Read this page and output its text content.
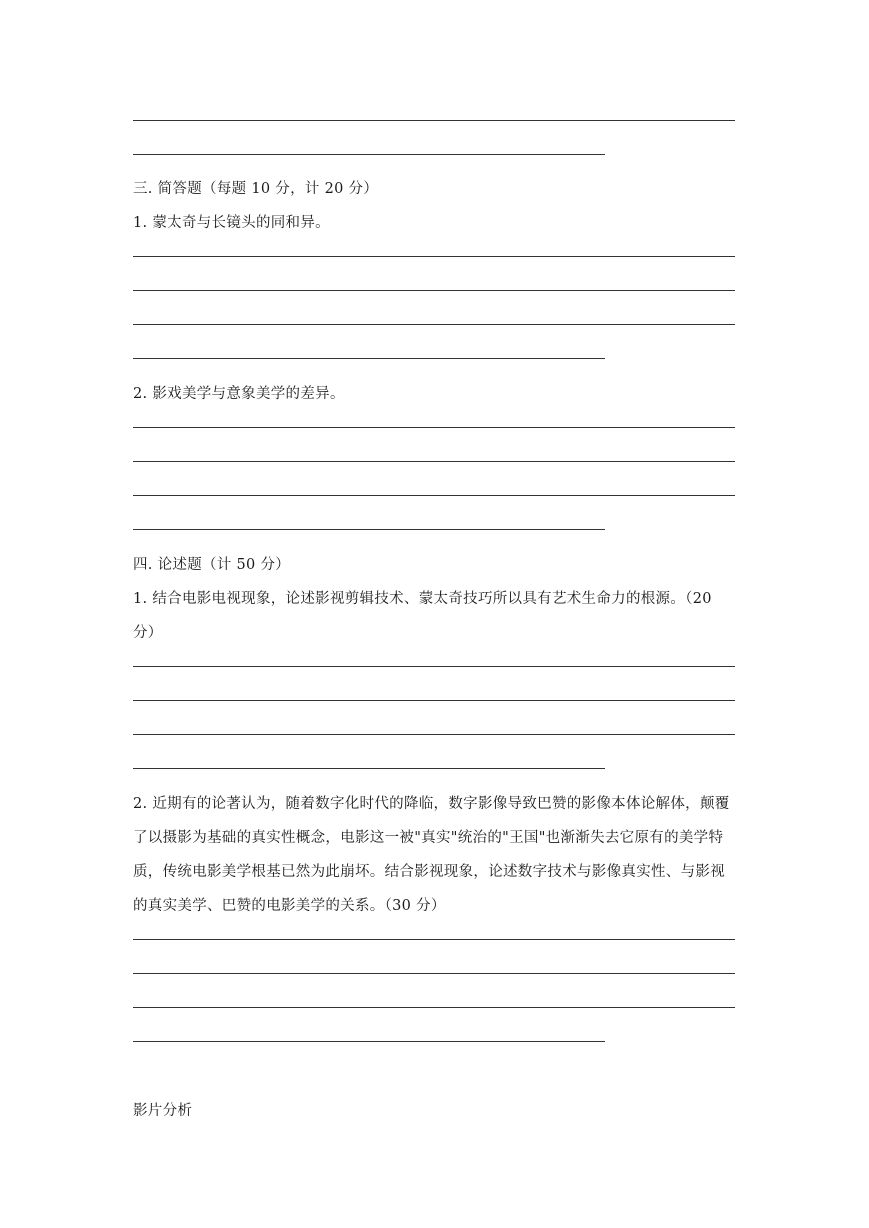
三. 简答题（每题 10 分，计 20 分）
1. 蒙太奇与长镜头的同和异。
2. 影戏美学与意象美学的差异。
四. 论述题（计 50 分）
1. 结合电影电视现象，论述影视剪辑技术、蒙太奇技巧所以具有艺术生命力的根源。（20
分）
2. 近期有的论著认为，随着数字化时代的降临，数字影像导致巴赞的影像本体论解体，颠覆
了以摄影为基础的真实性概念，电影这一被"真实"统治的"王国"也渐渐失去它原有的美学特
质，传统电影美学根基已然为此崩坏。结合影视现象，论述数字技术与影像真实性、与影视
的真实美学、巴赞的电影美学的关系。（30 分）
影片分析
